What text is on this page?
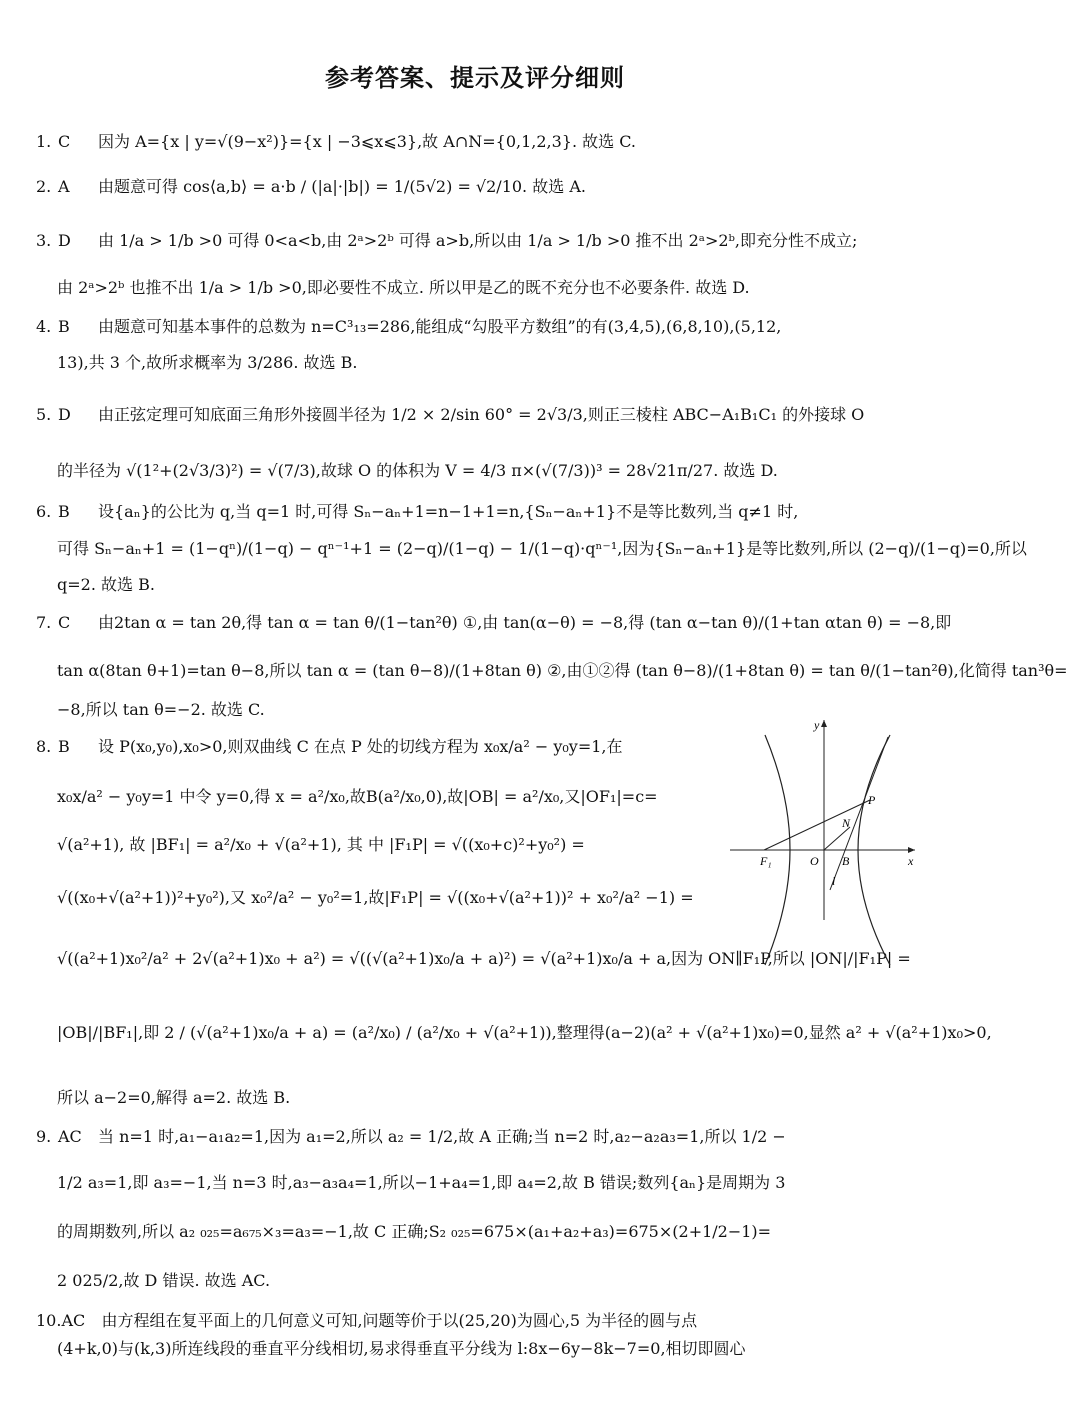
参考答案、提示及评分细则
1. C 因为 A={x | y=√(9−x²)}={x | −3⩽x⩽3},故 A∩N={0,1,2,3}. 故选 C.
2. A 由题意可得 cos⟨a,b⟩ = a·b / (|a|·|b|) = 1/(5√2) = √2/10. 故选 A.
3. D 由 1/a > 1/b >0 可得 0<a<b,由 2ᵃ>2ᵇ 可得 a>b,所以由 1/a > 1/b >0 推不出 2ᵃ>2ᵇ,即充分性不成立;
由 2ᵃ>2ᵇ 也推不出 1/a > 1/b >0,即必要性不成立. 所以甲是乙的既不充分也不必要条件. 故选 D.
4. B 由题意可知基本事件的总数为 n=C³₁₃=286,能组成“勾股平方数组”的有(3,4,5),(6,8,10),(5,12,
13),共 3 个,故所求概率为 3/286. 故选 B.
5. D 由正弦定理可知底面三角形外接圆半径为 1/2 × 2/sin 60° = 2√3/3,则正三棱柱 ABC−A₁B₁C₁ 的外接球 O
的半径为 √(1²+(2√3/3)²) = √(7/3),故球 O 的体积为 V = 4/3 π×(√(7/3))³ = 28√21π/27. 故选 D.
6. B 设{aₙ}的公比为 q,当 q=1 时,可得 Sₙ−aₙ+1=n−1+1=n,{Sₙ−aₙ+1}不是等比数列,当 q≠1 时,
可得 Sₙ−aₙ+1 = (1−qⁿ)/(1−q) − qⁿ⁻¹+1 = (2−q)/(1−q) − 1/(1−q)·qⁿ⁻¹,因为{Sₙ−aₙ+1}是等比数列,所以 (2−q)/(1−q)=0,所以
q=2. 故选 B.
7. C 由2tan α = tan 2θ,得 tan α = tan θ/(1−tan²θ) ①,由 tan(α−θ) = −8,得 (tan α−tan θ)/(1+tan αtan θ) = −8,即
tan α(8tan θ+1)=tan θ−8,所以 tan α = (tan θ−8)/(1+8tan θ) ②,由①②得 (tan θ−8)/(1+8tan θ) = tan θ/(1−tan²θ),化简得 tan³θ=
−8,所以 tan θ=−2. 故选 C.
8. B 设 P(x₀,y₀),x₀>0,则双曲线 C 在点 P 处的切线方程为 x₀x/a² − y₀y=1,在
x₀x/a² − y₀y=1 中令 y=0,得 x = a²/x₀,故B(a²/x₀,0),故|OB| = a²/x₀,又|OF₁|=c=
√(a²+1), 故 |BF₁| = a²/x₀ + √(a²+1), 其 中 |F₁P| = √((x₀+c)²+y₀²) =
√((x₀+√(a²+1))²+y₀²),又 x₀²/a² − y₀²=1,故|F₁P| = √((x₀+√(a²+1))² + x₀²/a² −1) =
√((a²+1)x₀²/a² + 2√(a²+1)x₀ + a²) = √((√(a²+1)x₀/a + a)²) = √(a²+1)x₀/a + a,因为 ON∥F₁P,所以 |ON|/|F₁P| =
|OB|/|BF₁|,即 2 / (√(a²+1)x₀/a + a) = (a²/x₀) / (a²/x₀ + √(a²+1)),整理得(a−2)(a² + √(a²+1)x₀)=0,显然 a² + √(a²+1)x₀>0,
所以 a−2=0,解得 a=2. 故选 B.
9. AC 当 n=1 时,a₁−a₁a₂=1,因为 a₁=2,所以 a₂ = 1/2,故 A 正确;当 n=2 时,a₂−a₂a₃=1,所以 1/2 −
1/2 a₃=1,即 a₃=−1,当 n=3 时,a₃−a₃a₄=1,所以−1+a₄=1,即 a₄=2,故 B 错误;数列{aₙ}是周期为 3
的周期数列,所以 a₂ ₀₂₅=a₆₇₅×₃=a₃=−1,故 C 正确;S₂ ₀₂₅=675×(a₁+a₂+a₃)=675×(2+1/2−1)=
2 025/2,故 D 错误. 故选 AC.
10.AC 由方程组在复平面上的几何意义可知,问题等价于以(25,20)为圆心,5 为半径的圆与点
(4+k,0)与(k,3)所连线段的垂直平分线相切,易求得垂直平分线为 l:8x−6y−8k−7=0,相切即圆心
y
x
P
N
F₁	O B
l
